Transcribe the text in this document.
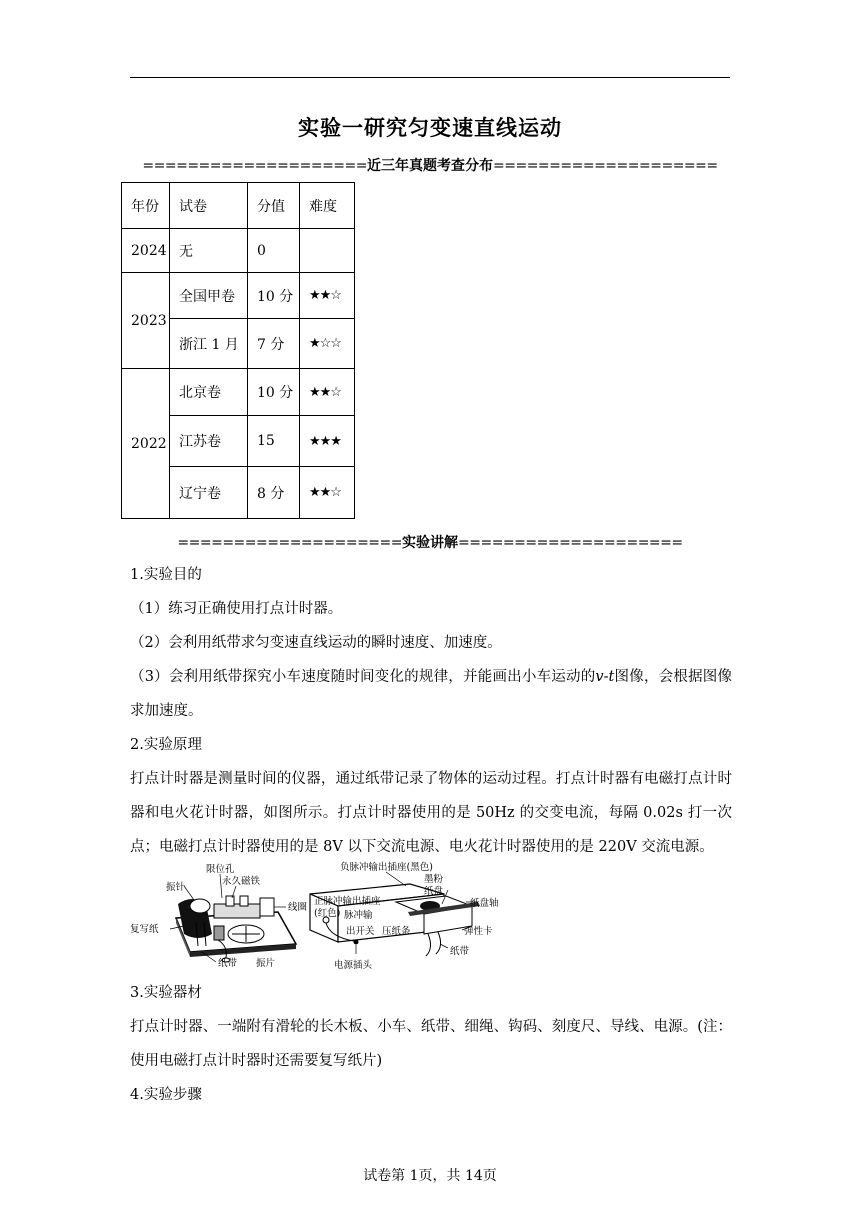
实验一研究匀变速直线运动
====================近三年真题考查分布====================
年份	试卷	分值	难度
2024	无	0	
2023	全国甲卷	10 分	★★☆
	浙江 1 月	7 分	★☆☆
2022	北京卷	10 分	★★☆
	江苏卷	15	★★★
	辽宁卷	8 分	★★☆
====================实验讲解====================
1.实验目的
（1）练习正确使用打点计时器。
（2）会利用纸带求匀变速直线运动的瞬时速度、加速度。
（3）会利用纸带探究小车速度随时间变化的规律，并能画出小车运动的v-t图像，会根据图像求加速度。
2.实验原理
打点计时器是测量时间的仪器，通过纸带记录了物体的运动过程。打点计时器有电磁打点计时器和电火花计时器，如图所示。打点计时器使用的是 50Hz 的交变电流，每隔 0.02s 打一次点；电磁打点计时器使用的是 8V 以下交流电源、电火花计时器使用的是 220V 交流电源。
振针
限位孔
永久磁铁
线圈
复写纸
纸带 振片
负脉冲输出插座(黑色)
正脉冲输出插座
(红色) 脉冲输
出开关 压纸条
墨粉
纸盘
纸盘轴
弹性卡
纸带
电源插头
3.实验器材
打点计时器、一端附有滑轮的长木板、小车、纸带、细绳、钩码、刻度尺、导线、电源。(注：使用电磁打点计时器时还需要复写纸片)
4.实验步骤
试卷第 1页，共 14页
